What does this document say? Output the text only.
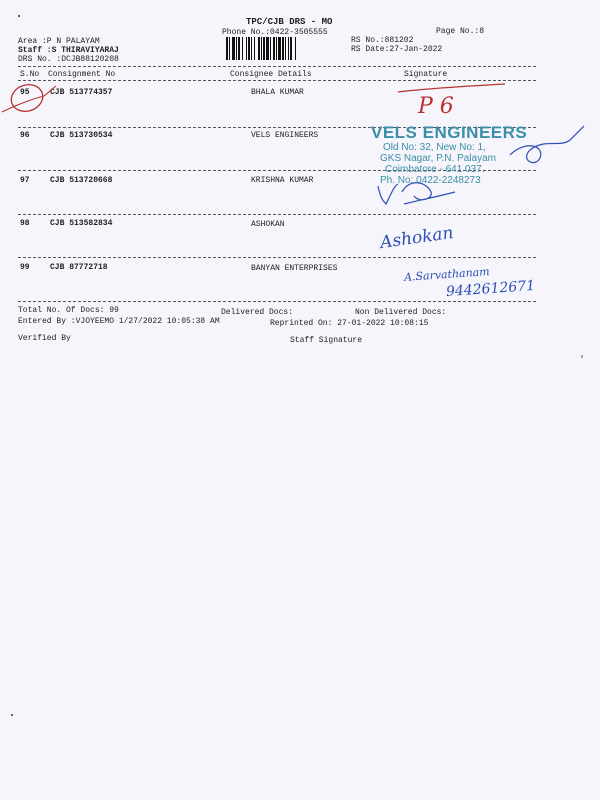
TPC/CJB DRS - MO
Phone No.:0422-3505555	Page No.:8
Area :P N PALAYAM
Staff :S THIRAVIYARAJ
DRS No. :DCJB88120208
RS No.:881202
RS Date:27-Jan-2022
S.No Consignment No	Consignee Details	Signature
95	CJB 513774357	BHALA KUMAR
96	CJB 513730534	VELS ENGINEERS
97	CJB 513720668	KRISHNA KUMAR
98	CJB 513582834	ASHOKAN
99	CJB 87772718	BANYAN ENTERPRISES
Total No. Of Docs: 99	Delivered Docs:	Non Delivered Docs:
Entered By :VJOYEEMO 1/27/2022 10:05:38 AM	Reprinted On: 27-01-2022 10:08:15
Verified By	Staff Signature
VELS ENGINEERS
Old No: 32, New No: 1,
GKS Nagar, P.N. Palayam
Coimbatore - 641 037.
Ph. No: 0422-2248273
P 6
Ashokan
A.Sarvathanam
9442612671
